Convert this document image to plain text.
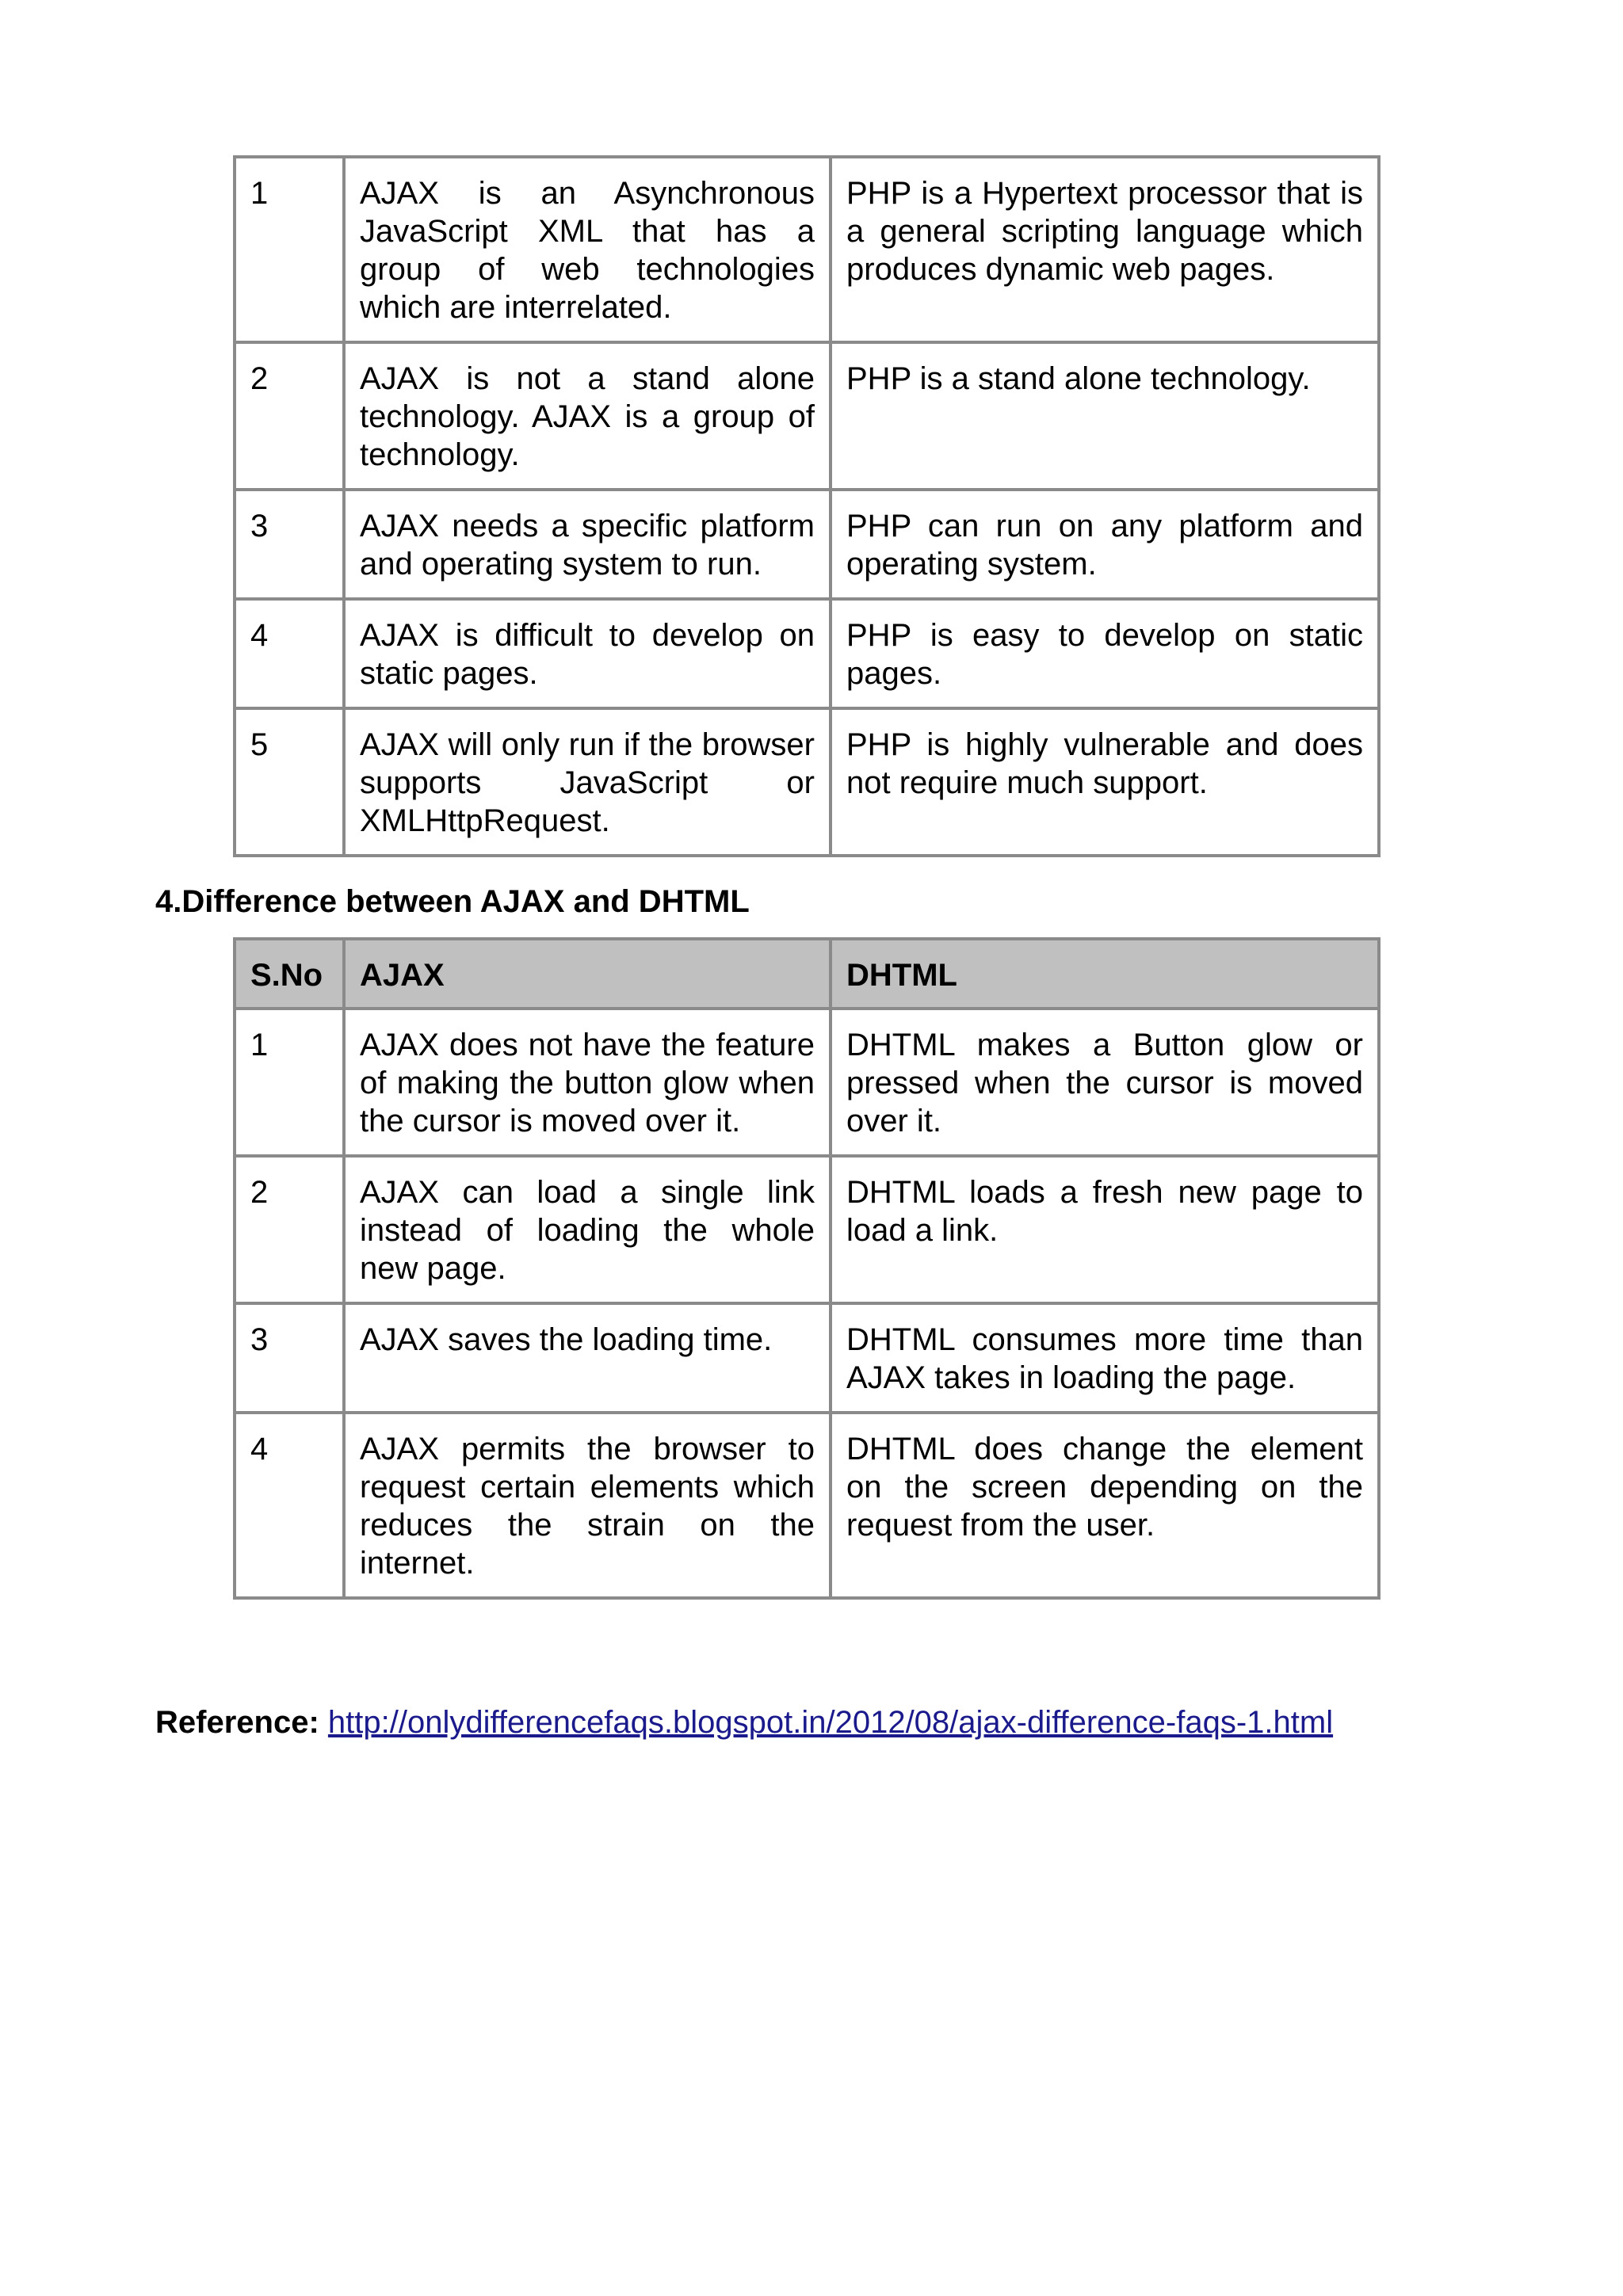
1	AJAX is an Asynchronous JavaScript XML that has a group of web technologies which are interrelated.	PHP is a Hypertext processor that is a general scripting language which produces dynamic web pages.
2	AJAX is not a stand alone technology. AJAX is a group of technology.	PHP is a stand alone technology.
3	AJAX needs a specific platform and operating system to run.	PHP can run on any platform and operating system.
4	AJAX is difficult to develop on static pages.	PHP is easy to develop on static pages.
5	AJAX will only run if the browser supports JavaScript or XMLHttpRequest.	PHP is highly vulnerable and does not require much support.
4.Difference between AJAX and DHTML
S.No	AJAX	DHTML
1	AJAX does not have the feature of making the button glow when the cursor is moved over it.	DHTML makes a Button glow or pressed when the cursor is moved over it.
2	AJAX can load a single link instead of loading the whole new page.	DHTML loads a fresh new page to load a link.
3	AJAX saves the loading time.	DHTML consumes more time than AJAX takes in loading the page.
4	AJAX permits the browser to request certain elements which reduces the strain on the internet.	DHTML does change the element on the screen depending on the request from the user.

Reference: http://onlydifferencefaqs.blogspot.in/2012/08/ajax-difference-faqs-1.html
